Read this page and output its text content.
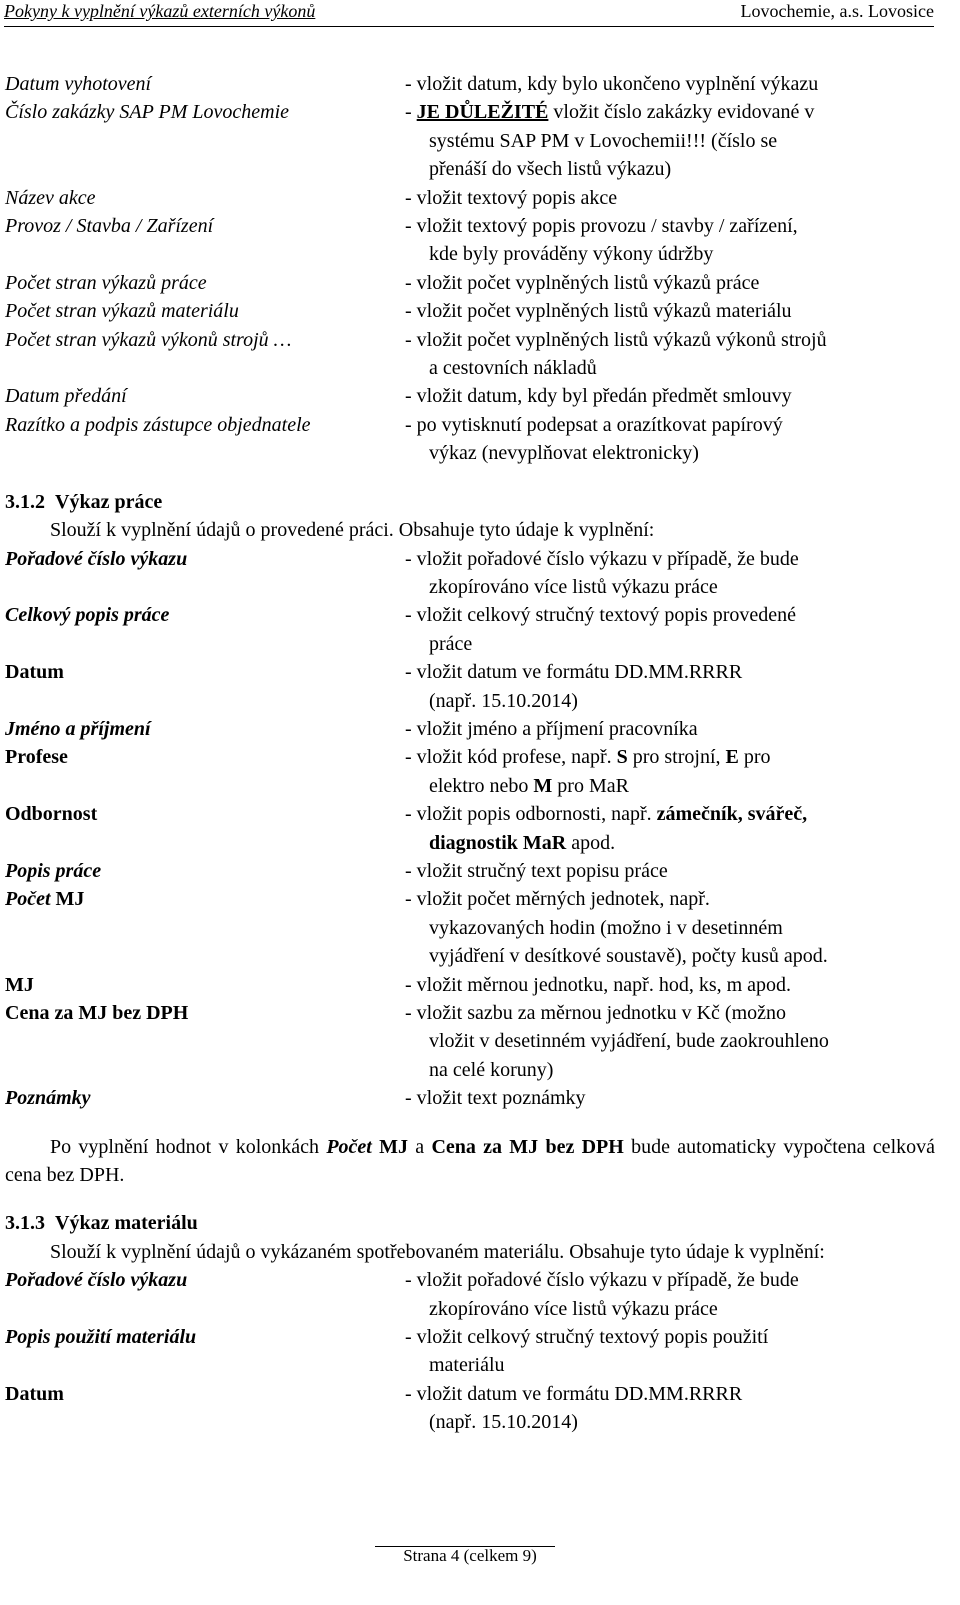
Pokyny k vyplnění výkazů externích výkonů	Lovochemie, a.s. Lovosice
Datum vyhotovení	- vložit datum, kdy bylo ukončeno vyplnění výkazu
Číslo zakázky SAP PM Lovochemie	- JE DŮLEŽITÉ vložit číslo zakázky evidované v
systému SAP PM v Lovochemii!!! (číslo se
přenáší do všech listů výkazu)
Název akce	- vložit textový popis akce
Provoz / Stavba / Zařízení	- vložit textový popis provozu / stavby / zařízení,
kde byly prováděny výkony údržby
Počet stran výkazů práce	- vložit počet vyplněných listů výkazů práce
Počet stran výkazů materiálu	- vložit počet vyplněných listů výkazů materiálu
Počet stran výkazů výkonů strojů …	- vložit počet vyplněných listů výkazů výkonů strojů
a cestovních nákladů
Datum předání	- vložit datum, kdy byl předán předmět smlouvy
Razítko a podpis zástupce objednatele	- po vytisknutí podepsat a orazítkovat papírový
výkaz (nevyplňovat elektronicky)
3.1.2 Výkaz práce
Slouží k vyplnění údajů o provedené práci. Obsahuje tyto údaje k vyplnění:
Pořadové číslo výkazu	- vložit pořadové číslo výkazu v případě, že bude
zkopírováno více listů výkazu práce
Celkový popis práce	- vložit celkový stručný textový popis provedené
práce
Datum	- vložit datum ve formátu DD.MM.RRRR
(např. 15.10.2014)
Jméno a příjmení	- vložit jméno a příjmení pracovníka
Profese	- vložit kód profese, např. S pro strojní, E pro
elektro nebo M pro MaR
Odbornost	- vložit popis odbornosti, např. zámečník, svářeč,
diagnostik MaR apod.
Popis práce	- vložit stručný text popisu práce
Počet MJ	- vložit počet měrných jednotek, např.
vykazovaných hodin (možno i v desetinném
vyjádření v desítkové soustavě), počty kusů apod.
MJ	- vložit měrnou jednotku, např. hod, ks, m apod.
Cena za MJ bez DPH	- vložit sazbu za měrnou jednotku v Kč (možno
vložit v desetinném vyjádření, bude zaokrouhleno
na celé koruny)
Poznámky	- vložit text poznámky
Po vyplnění hodnot v kolonkách Počet MJ a Cena za MJ bez DPH bude automaticky vypočtena celková cena bez DPH.
3.1.3 Výkaz materiálu
Slouží k vyplnění údajů o vykázaném spotřebovaném materiálu. Obsahuje tyto údaje k vyplnění:
Pořadové číslo výkazu	- vložit pořadové číslo výkazu v případě, že bude
zkopírováno více listů výkazu práce
Popis použití materiálu	- vložit celkový stručný textový popis použití
materiálu
Datum	- vložit datum ve formátu DD.MM.RRRR
(např. 15.10.2014)
Strana 4 (celkem 9)
